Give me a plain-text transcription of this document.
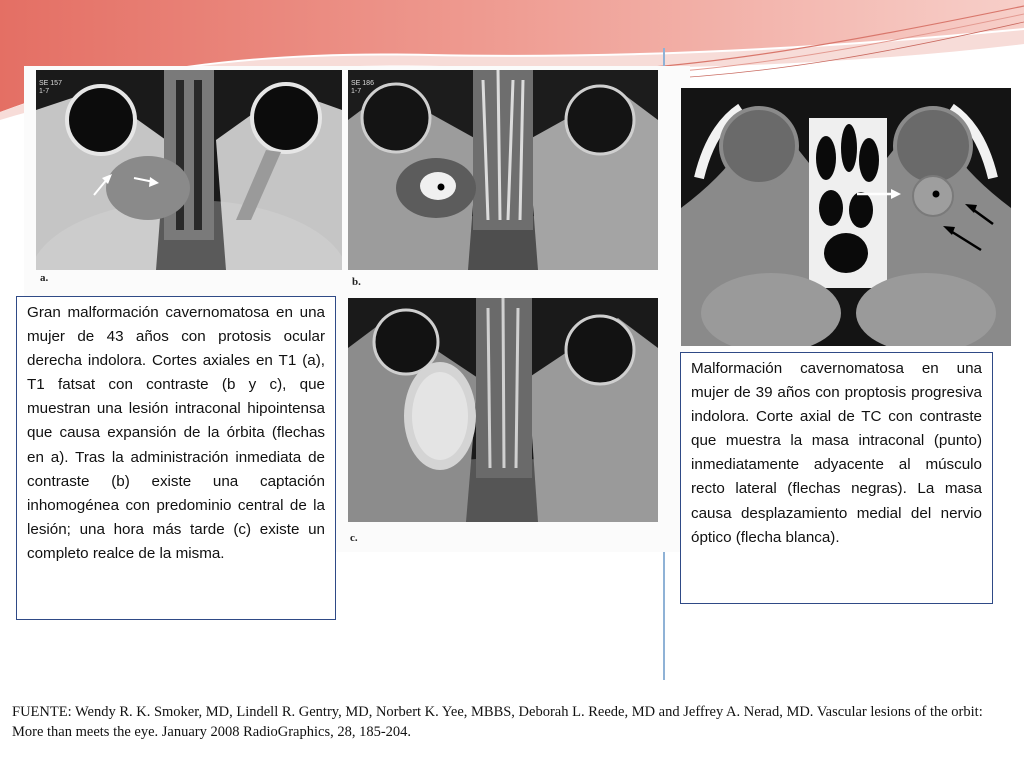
SE 157
1-7
a.
SE 186
1-7
b.
c.
Gran malformación cavernomatosa en una mujer de 43 años con protosis ocular derecha indolora. Cortes axiales en T1 (a), T1 fatsat con contraste (b y c), que muestran una lesión intraconal hipointensa que causa expansión de la órbita (flechas en a). Tras la administración inmediata de contraste (b) existe una captación inhomogénea con predominio central de la lesión; una hora más tarde (c) existe un completo realce de la misma.
Malformación cavernomatosa en una mujer de 39 años con proptosis progresiva indolora. Corte axial de TC con contraste que muestra la masa intraconal (punto) inmediatamente adyacente al músculo recto lateral (flechas negras). La masa causa desplazamiento medial del nervio óptico (flecha blanca).
FUENTE: Wendy R. K. Smoker, MD, Lindell R. Gentry, MD, Norbert K. Yee, MBBS, Deborah L. Reede, MD and Jeffrey A. Nerad, MD. Vascular lesions of the orbit: More than meets the eye. January 2008 RadioGraphics, 28, 185-204.
